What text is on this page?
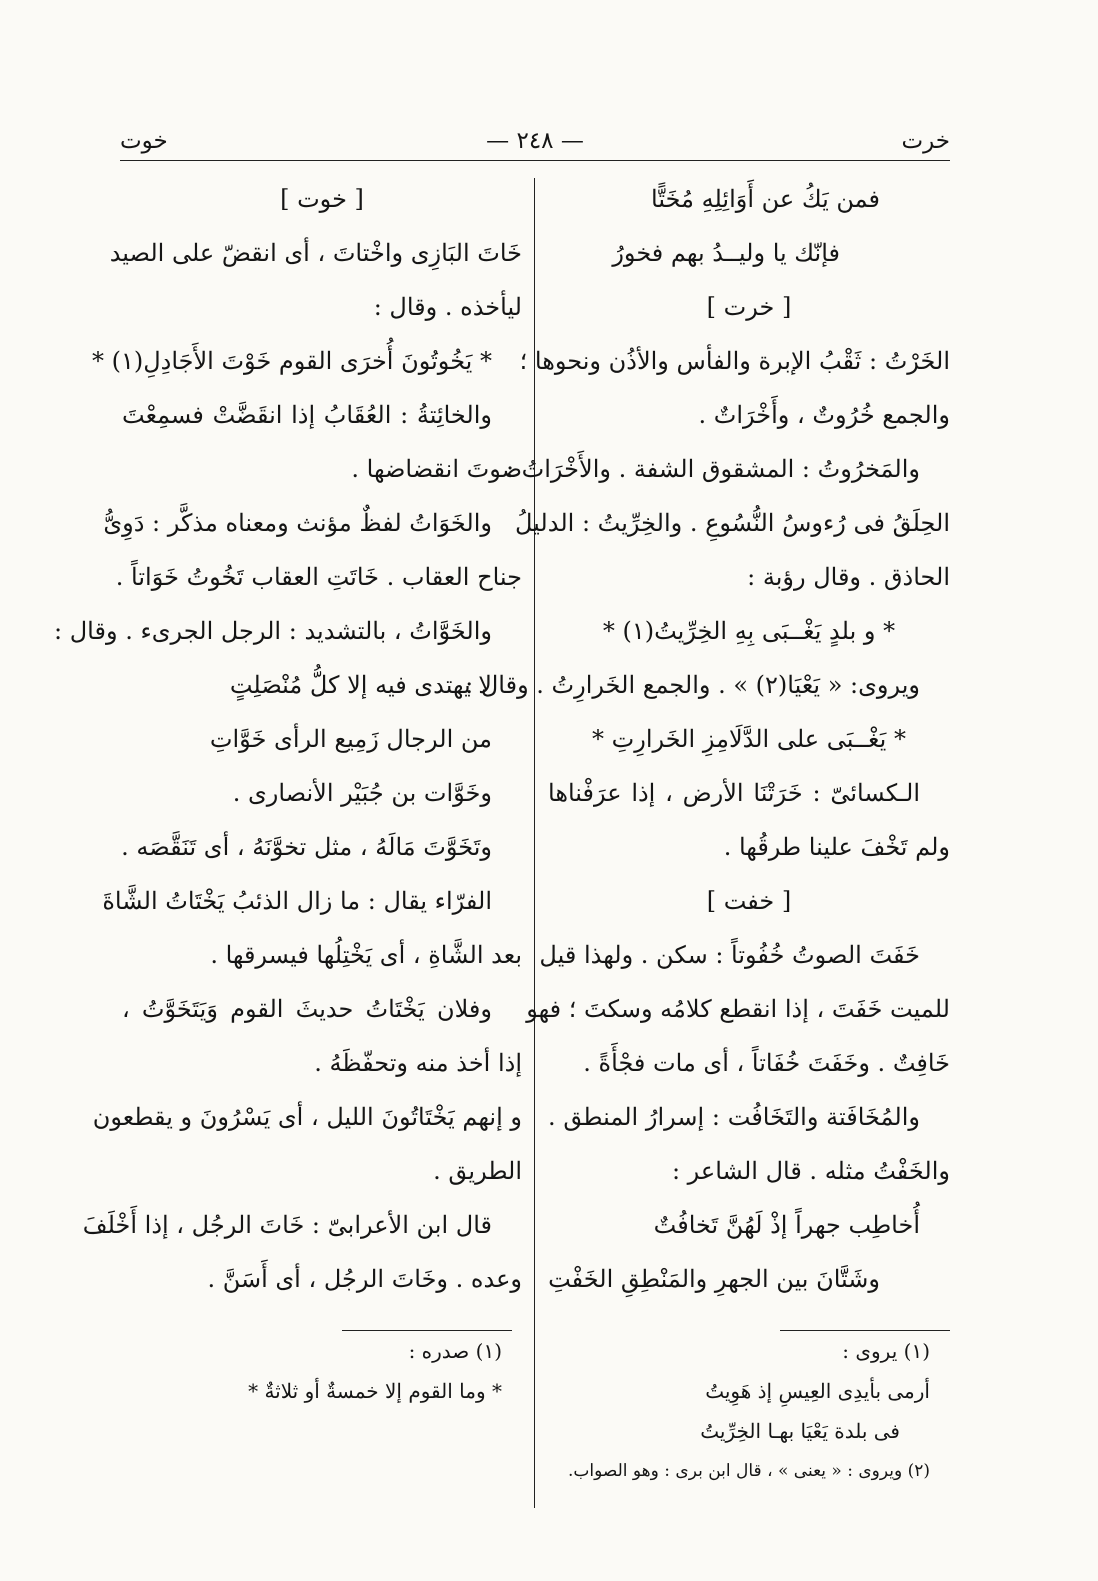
خرت
— ٢٤٨ —
خوت
فمن يَكُ عن أَوَائِلِهِ مُخَتًّا
فإنّك يا وليــدُ بهم فخورُ
[ خرت ]
الخَرْتُ : ثَقْبُ الإبرة والفأس والأذُن ونحوها ؛
والجمع خُرُوتٌ ، وأَخْرَاتٌ .
والمَخرُوتُ : المشقوق الشفة . والأَخْرَاتُ :
الحِلَقُ فى رُءوسُ النُّسُوعِ . والخِرِّيتُ : الدليلُ
الحاذق . وقال رؤبة :
* و بلدٍ يَغْــبَى بِهِ الخِرِّيتُ(١) *
ويروى: « يَعْيَا(٢) » . والجمع الخَرارِتُ . وقال :
* يَغْــبَى على الدَّلَامِزِ الخَرارِتِ *
الـكسائىّ : خَرَتْنَا الأرض ، إذا عرَفْناها
ولم تَخْفَ علينا طرقُها .
[ خفت ]
خَفَتَ الصوتُ خُفُوتاً : سكن . ولهذا قيل
للميت خَفَتَ ، إذا انقطع كلامُه وسكتَ ؛ فهو
خَافِتٌ . وخَفَتَ خُفَاتاً ، أى مات فجْأَةً .
والمُخَافَتة والتَخَافُت : إسرارُ المنطق .
والخَفْتُ مثله . قال الشاعر :
أُخاطِب جهراً إذْ لَهُنَّ تَخافُتٌ
وشَتَّانَ بين الجهرِ والمَنْطِقِ الخَفْتِ
(١) يروى :
أرمى بأيدِى العِيسِ إذ هَوِيتُ
فى بلدة يَعْيَا بهـا الخِرِّيتُ
(٢) ويروى : « يعنى » ، قال ابن برى : وهو الصواب.
[ خوت ]
خَاتَ البَازِى واخْتاتَ ، أى انقضّ على الصيد
ليأخذه . وقال :
* يَخُوتُونَ أُخرَى القوم خَوْتَ الأَجَادِلِ(١) *
والخائِتةُ : العُقَابُ إذا انقَضَّتْ فسمِعْتَ
صوتَ انقضاضها .
والخَوَاتُ لفظٌ مؤنث ومعناه مذكَّر : دَوِىُّ
جناح العقاب . خَاتَتِ العقاب تَخُوتُ خَوَاتاً .
والخَوَّاتُ ، بالتشديد : الرجل الجرىء . وقال :
لا يهتدى فيه إلا كلُّ مُنْصَلِتٍ
من الرجال زَمِيع الرأى خَوَّاتِ
وخَوَّات بن جُبَيْر الأنصارى .
وتَخَوَّتَ مَالَهُ ، مثل تخوَّنَهُ ، أى تَنَقَّصَه .
الفرّاء يقال : ما زال الذئبُ يَخْتَاتُ الشَّاةَ
بعد الشَّاةِ ، أى يَخْتِلُها فيسرقها .
وفلان يَخْتَاتُ حديثَ القوم وَيَتَخَوَّتُ ،
إذا أخذ منه وتحفّظَهُ .
و إنهم يَخْتَاتُونَ الليل ، أى يَسْرُونَ و يقطعون
الطريق .
قال ابن الأعرابىّ : خَاتَ الرجُل ، إذا أَخْلَفَ
وعده . وخَاتَ الرجُل ، أى أَسَنَّ .
(١) صدره :
* وما القوم إلا خمسةٌ أو ثلاثةٌ *
